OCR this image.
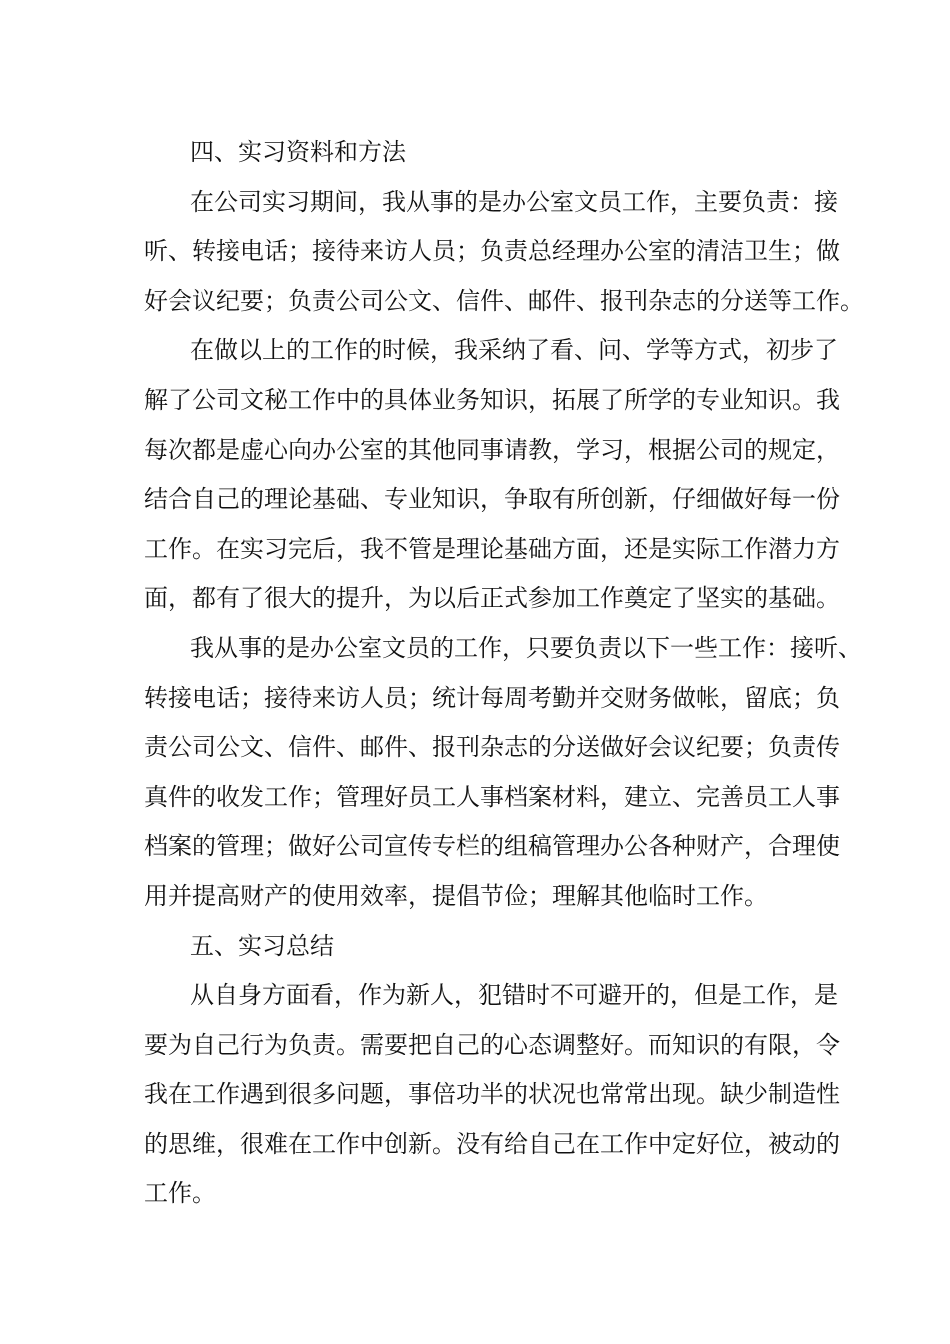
四、实习资料和方法
在公司实习期间，我从事的是办公室文员工作，主要负责：接
听、转接电话；接待来访人员；负责总经理办公室的清洁卫生；做
好会议纪要；负责公司公文、信件、邮件、报刊杂志的分送等工作。
在做以上的工作的时候，我采纳了看、问、学等方式，初步了
解了公司文秘工作中的具体业务知识，拓展了所学的专业知识。我
每次都是虚心向办公室的其他同事请教，学习，根据公司的规定，
结合自己的理论基础、专业知识，争取有所创新，仔细做好每一份
工作。在实习完后，我不管是理论基础方面，还是实际工作潜力方
面，都有了很大的提升，为以后正式参加工作奠定了坚实的基础。
我从事的是办公室文员的工作，只要负责以下一些工作：接听、
转接电话；接待来访人员；统计每周考勤并交财务做帐，留底；负
责公司公文、信件、邮件、报刊杂志的分送做好会议纪要；负责传
真件的收发工作；管理好员工人事档案材料，建立、完善员工人事
档案的管理；做好公司宣传专栏的组稿管理办公各种财产，合理使
用并提高财产的使用效率，提倡节俭；理解其他临时工作。
五、实习总结
从自身方面看，作为新人，犯错时不可避开的，但是工作，是
要为自己行为负责。需要把自己的心态调整好。而知识的有限，令
我在工作遇到很多问题，事倍功半的状况也常常出现。缺少制造性
的思维，很难在工作中创新。没有给自己在工作中定好位，被动的
工作。
